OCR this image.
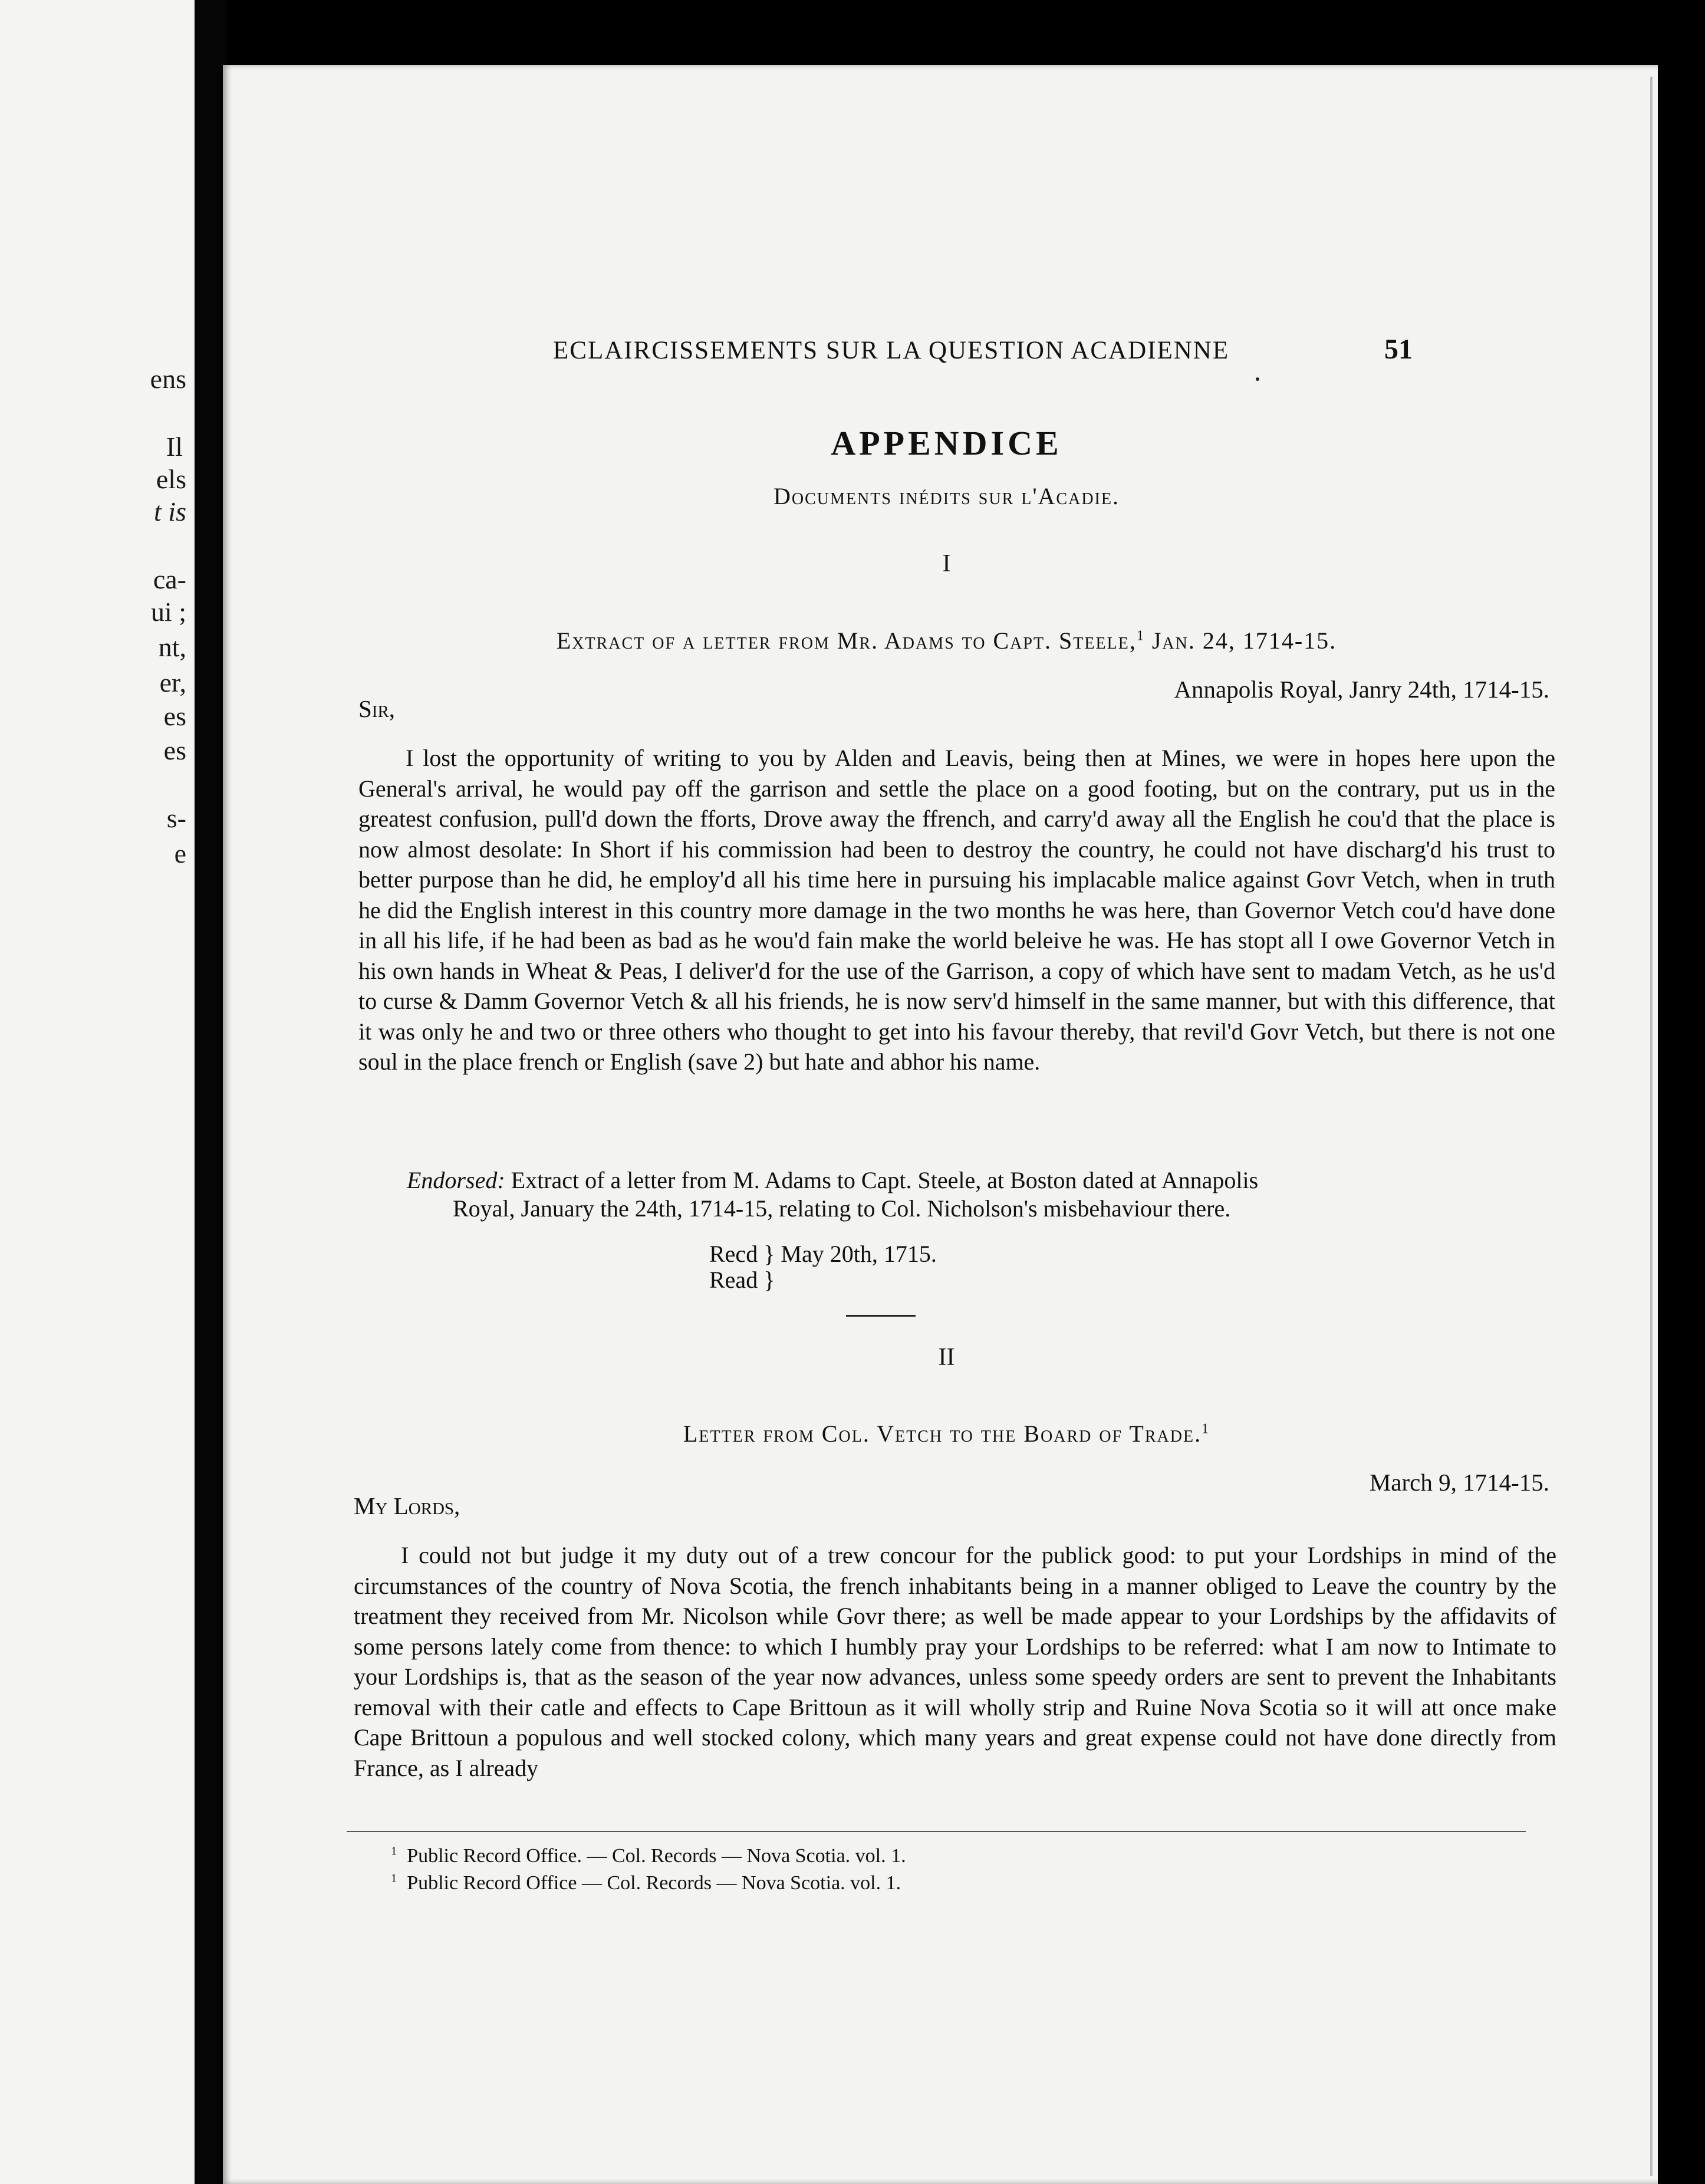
ens
Il
els
t is
ca-
ui ;
nt,
er,
es
es
s-
e
ECLAIRCISSEMENTS SUR LA QUESTION ACADIENNE	51
APPENDICE
Documents inédits sur l'Acadie.
I
Extract of a letter from Mr. Adams to Capt. Steele,$^1$ Jan. 24, 1714-15.
Annapolis Royal, Janry 24th, 1714-15.
Sir,

I lost the opportunity of writing to you by Alden and Leavis, being then at Mines, we were in hopes here upon the General's arrival, he would pay off the garrison and settle the place on a good footing, but on the contrary, put us in the greatest confusion, pull'd down the fforts, Drove away the ffrench, and carry'd away all the English he cou'd that the place is now almost desolate: In Short if his commission had been to destroy the country, he could not have discharg'd his trust to better purpose than he did, he employ'd all his time here in pursuing his implacable malice against Govr Vetch, when in truth he did the English interest in this country more damage in the two months he was here, than Governor Vetch cou'd have done in all his life, if he had been as bad as he wou'd fain make the world beleive he was. He has stopt all I owe Governor Vetch in his own hands in Wheat & Peas, I deliver'd for the use of the Garrison, a copy of which have sent to madam Vetch, as he us'd to curse & Damm Governor Vetch & all his friends, he is now serv'd himself in the same manner, but with this difference, that it was only he and two or three others who thought to get into his favour thereby, that revil'd Govr Vetch, but there is not one soul in the place french or English (save 2) but hate and abhor his name.

Endorsed: Extract of a letter from M. Adams to Capt. Steele, at Boston dated at Annapolis
Royal, January the 24th, 1714-15, relating to Col. Nicholson's misbehaviour there.
Recd } May 20th, 1715.
Read }
II
Letter from Col. Vetch to the Board of Trade.$^1$
March 9, 1714-15.
My Lords,

I could not but judge it my duty out of a trew concour for the publick good: to put your Lordships in mind of the circumstances of the country of Nova Scotia, the french inhabitants being in a manner obliged to Leave the country by the treatment they received from Mr. Nicolson while Govr there; as well be made appear to your Lordships by the affidavits of some persons lately come from thence: to which I humbly pray your Lordships to be referred: what I am now to Intimate to your Lordships is, that as the season of the year now advances, unless some speedy orders are sent to prevent the Inhabitants removal with their catle and effects to Cape Brittoun as it will wholly strip and Ruine Nova Scotia so it will att once make Cape Brittoun a populous and well stocked colony, which many years and great expense could not have done directly from France, as I already

$^1$ Public Record Office. — Col. Records — Nova Scotia. vol. 1.
$^1$ Public Record Office — Col. Records — Nova Scotia. vol. 1.
